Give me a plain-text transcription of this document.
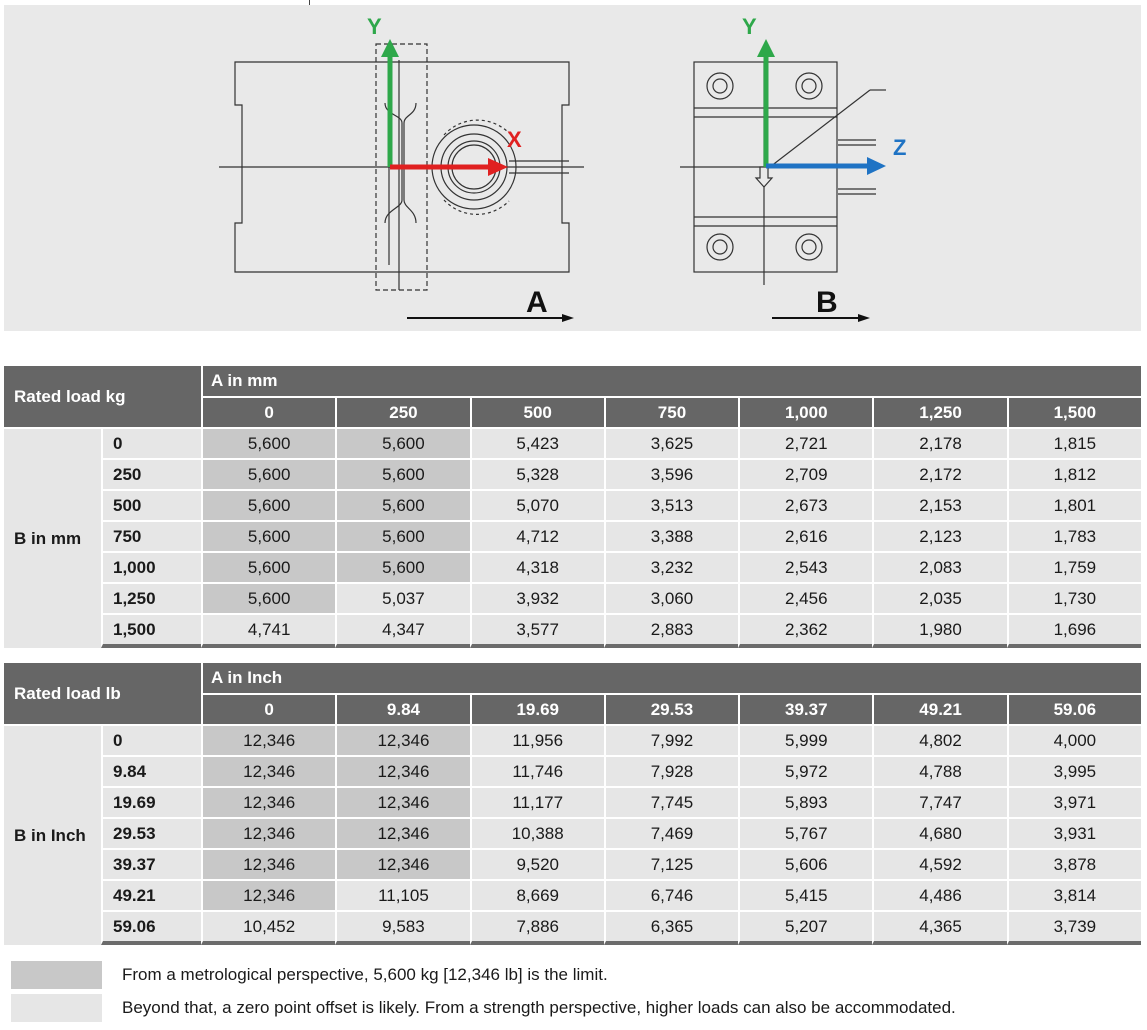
Y
X
Y
Z
A	B
Rated load kg		A in mm						
		0	250	500	750	1,000	1,250	1,500
B in mm	0	5,600	5,600	5,423	3,625	2,721	2,178	1,815
	250	5,600	5,600	5,328	3,596	2,709	2,172	1,812
	500	5,600	5,600	5,070	3,513	2,673	2,153	1,801
	750	5,600	5,600	4,712	3,388	2,616	2,123	1,783
	1,000	5,600	5,600	4,318	3,232	2,543	2,083	1,759
	1,250	5,600	5,037	3,932	3,060	2,456	2,035	1,730
	1,500	4,741	4,347	3,577	2,883	2,362	1,980	1,696
Rated load lb		A in Inch						
		0	9.84	19.69	29.53	39.37	49.21	59.06
B in Inch	0	12,346	12,346	11,956	7,992	5,999	4,802	4,000
	9.84	12,346	12,346	11,746	7,928	5,972	4,788	3,995
	19.69	12,346	12,346	11,177	7,745	5,893	7,747	3,971
	29.53	12,346	12,346	10,388	7,469	5,767	4,680	3,931
	39.37	12,346	12,346	9,520	7,125	5,606	4,592	3,878
	49.21	12,346	11,105	8,669	6,746	5,415	4,486	3,814
	59.06	10,452	9,583	7,886	6,365	5,207	4,365	3,739
From a metrological perspective, 5,600 kg [12,346 lb] is the limit.
Beyond that, a zero point offset is likely. From a strength perspective, higher loads can also be accommodated.
